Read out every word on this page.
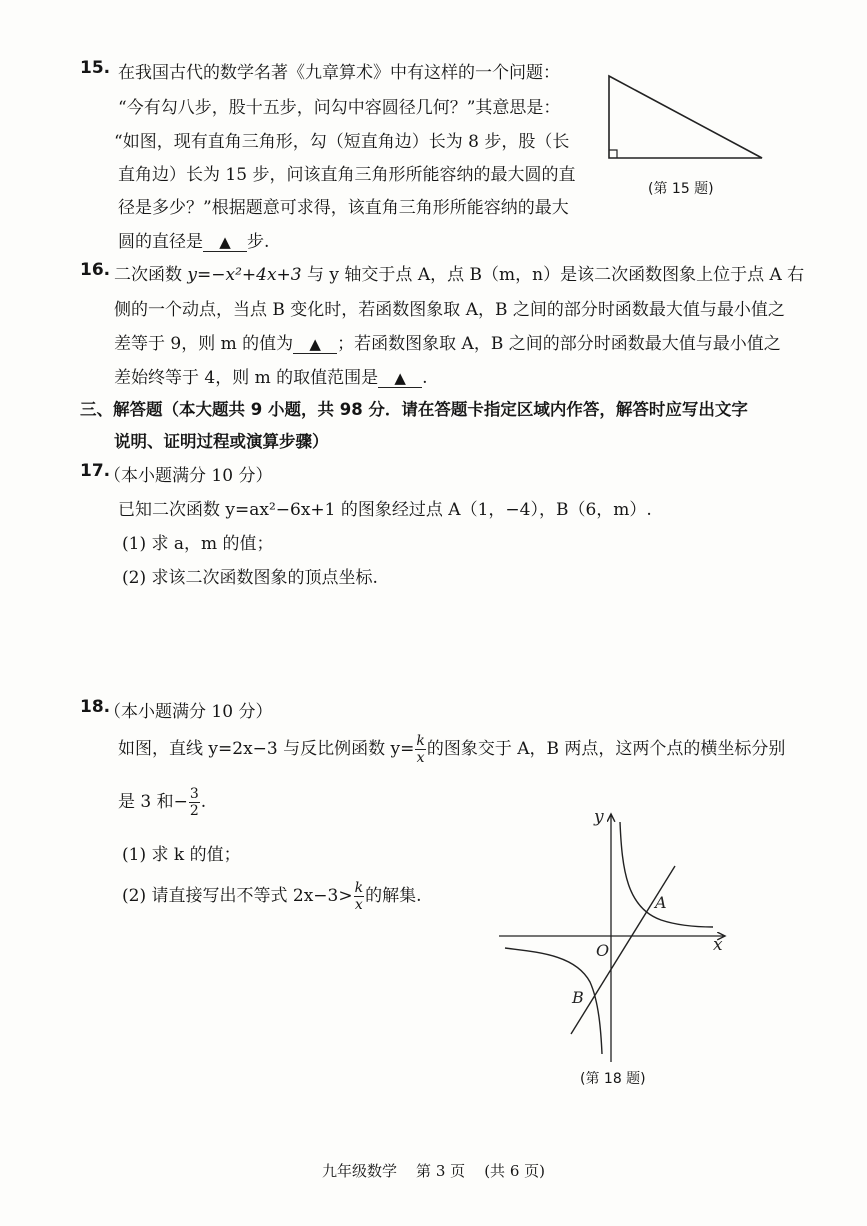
15. 在我国古代的数学名著《九章算术》中有这样的一个问题：
“今有勾八步，股十五步，问勾中容圆径几何？”其意思是：
“如图，现有直角三角形，勾（短直角边）长为 8 步，股（长
直角边）长为 15 步，问该直角三角形所能容纳的最大圆的直
径是多少？”根据题意可求得，该直角三角形所能容纳的最大
圆的直径是 ▲ 步.
(第 15 题)
16. 二次函数 y=−x²+4x+3 与 y 轴交于点 A，点 B（m，n）是该二次函数图象上位于点 A 右
侧的一个动点，当点 B 变化时，若函数图象取 A，B 之间的部分时函数最大值与最小值之
差等于 9，则 m 的值为 ▲ ；若函数图象取 A，B 之间的部分时函数最大值与最小值之
差始终等于 4，则 m 的取值范围是 ▲ .
三、解答题（本大题共 9 小题，共 98 分．请在答题卡指定区域内作答，解答时应写出文字
说明、证明过程或演算步骤）
17.
（本小题满分 10 分）
已知二次函数 y=ax²−6x+1 的图象经过点 A（1，−4），B（6，m）.
(1) 求 a，m 的值；
(2) 求该二次函数图象的顶点坐标.
18.
（本小题满分 10 分）
如图，直线 y=2x−3 与反比例函数 $y= \frac{k}{x}$ 的图象交于 A，B 两点，这两个点的横坐标分别
是 3 和− $\frac{3}{2}$ .
(1) 求 k 的值；
(2) 请直接写出不等式 $2x-3> \frac{k}{x}$ 的解集.
y
x
O
A
B
(第 18 题)
九年级数学    第 3 页    (共 6 页)
